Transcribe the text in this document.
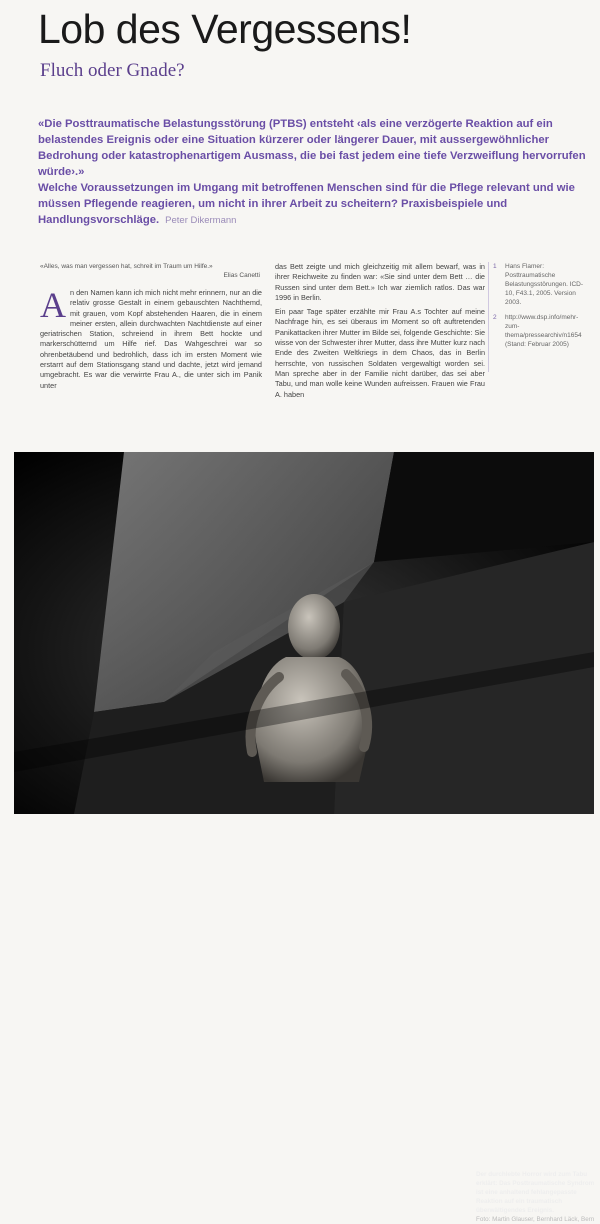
Lob des Vergessens!
Fluch oder Gnade?

«Die Posttraumatische Belastungsstörung (PTBS) entsteht ‹als eine verzögerte Reaktion auf ein belastendes Ereignis oder eine Situation kürzerer oder längerer Dauer, mit aussergewöhnlicher Bedrohung oder katastrophenartigem Ausmass, die bei fast jedem eine tiefe Verzweiflung hervorrufen würde›.»

Welche Voraussetzungen im Umgang mit betroffenen Menschen sind für die Pflege relevant und wie müssen Pflegende reagieren, um nicht in ihrer Arbeit zu scheitern? Praxisbeispiele und Handlungsvorschläge. Peter Dikermann

«Alles, was man vergessen hat, schreit im Traum um Hilfe.»
Elias Canetti
A n den Namen kann ich mich nicht mehr erinnern, nur an die relativ grosse Gestalt in einem gebauschten Nachthemd, mit grauen, vom Kopf abstehenden Haaren, die in einem meiner ersten, allein durchwachten Nachtdienste auf einer geriatrischen Station, schreiend in ihrem Bett hockte und markerschütternd um Hilfe rief. Das Wahgeschrei war so ohrenbetäubend und bedrohlich, dass ich im ersten Moment wie erstarrt auf dem Stationsgang stand und dachte, jetzt wird jemand umgebracht. Es war die verwirrte Frau A., die unter sich im Panik unter

das Bett zeigte und mich gleichzeitig mit allem bewarf, was in ihrer Reichweite zu finden war: «Sie sind unter dem Bett … die Russen sind unter dem Bett.» Ich war ziemlich ratlos. Das war 1996 in Berlin.

Ein paar Tage später erzählte mir Frau A.s Tochter auf meine Nachfrage hin, es sei überaus im Moment so oft auftretenden Panikattacken ihrer Mutter im Bilde sei, folgende Geschichte: Sie wisse von der Schwester ihrer Mutter, dass ihre Mutter kurz nach Ende des Zweiten Weltkriegs in dem Chaos, das in Berlin herrschte, von russischen Soldaten vergewaltigt worden sei. Man spreche aber in der Familie nicht darüber, das sei aber Tabu, und man wolle keine Wunden aufreissen. Frauen wie Frau A. haben

1	Hans Flamer: Posttraumatische Belastungsstörungen. ICD-10, F43.1, 2005. Version 2003.
2	http://www.dsp.info/mehr-zum-thema/pressearchiv/n1654 (Stand: Februar 2005)
Der durchlebte Horror wird zum Tabu erklärt: Das Posttraumatische Syndrom ist eine anhaltend fehlangepasste Reaktion auf ein traumatisch überwältigendes Ereignis.
Foto: Martin Glauser, Bernhard Läck, Bern
